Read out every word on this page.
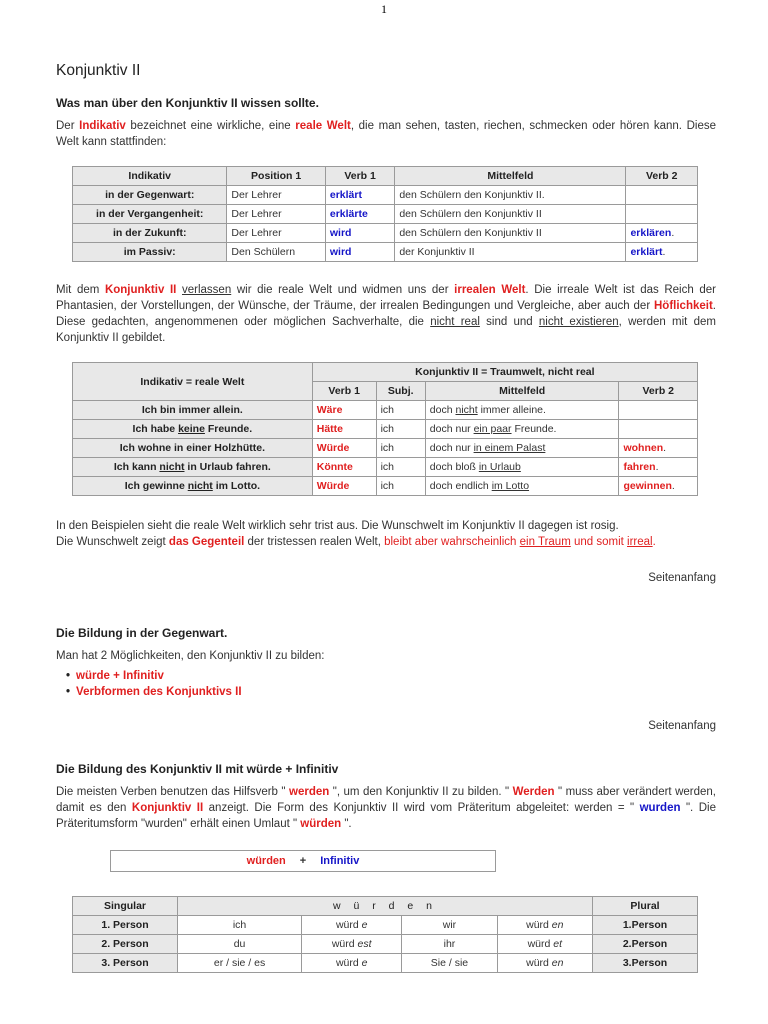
1
Konjunktiv II
Was man über den Konjunktiv II wissen sollte.

Der Indikativ bezeichnet eine wirkliche, eine reale Welt, die man sehen, tasten, riechen, schmecken oder hören kann. Diese Welt kann stattfinden:

Indikativ	Position 1	Verb 1	Mittelfeld	Verb 2
in der Gegenwart:	Der Lehrer	erklärt	den Schülern den Konjunktiv II.	
in der Vergangenheit:	Der Lehrer	erklärte	den Schülern den Konjunktiv II	
in der Zukunft:	Der Lehrer	wird	den Schülern den Konjunktiv II	erklären.
im Passiv:	Den Schülern	wird	der Konjunktiv II	erklärt.

Mit dem Konjunktiv II verlassen wir die reale Welt und widmen uns der irrealen Welt. Die irreale Welt ist das Reich der Phantasien, der Vorstellungen, der Wünsche, der Träume, der irrealen Bedingungen und Vergleiche, aber auch der Höflichkeit. Diese gedachten, angenommenen oder möglichen Sachverhalte, die nicht real sind und nicht existieren, werden mit dem Konjunktiv II gebildet.

Indikativ = reale Welt	Konjunktiv II = Traumwelt, nicht real			
	Verb 1	Subj.	Mittelfeld	Verb 2
Ich bin immer allein.	Wäre	ich	doch nicht immer alleine.	
Ich habe keine Freunde.	Hätte	ich	doch nur ein paar Freunde.	
Ich wohne in einer Holzhütte.	Würde	ich	doch nur in einem Palast	wohnen.
Ich kann nicht in Urlaub fahren.	Könnte	ich	doch bloß in Urlaub	fahren.
Ich gewinne nicht im Lotto.	Würde	ich	doch endlich im Lotto	gewinnen.

In den Beispielen sieht die reale Welt wirklich sehr trist aus. Die Wunschwelt im Konjunktiv II dagegen ist rosig.
Die Wunschwelt zeigt das Gegenteil der tristessen realen Welt, bleibt aber wahrscheinlich ein Traum und somit irreal.

Seitenanfang
Die Bildung in der Gegenwart.

Man hat 2 Möglichkeiten, den Konjunktiv II zu bilden:

• würde + Infinitiv
• Verbformen des Konjunktivs II
Seitenanfang
Die Bildung des Konjunktiv II mit würde + Infinitiv

Die meisten Verben benutzen das Hilfsverb " werden ", um den Konjunktiv II zu bilden. " Werden " muss aber verändert werden, damit es den Konjunktiv II anzeigt. Die Form des Konjunktiv II wird vom Präteritum abgeleitet: werden = " wurden ". Die Präteritumsform "wurden" erhält einen Umlaut " würden ".

würden + Infinitiv
Singular	w ü r d e n				Plural
1. Person	ich	würd e	wir	würd en	1.Person
2. Person	du	würd est	ihr	würd et	2.Person
3. Person	er / sie / es	würd e	Sie / sie	würd en	3.Person
